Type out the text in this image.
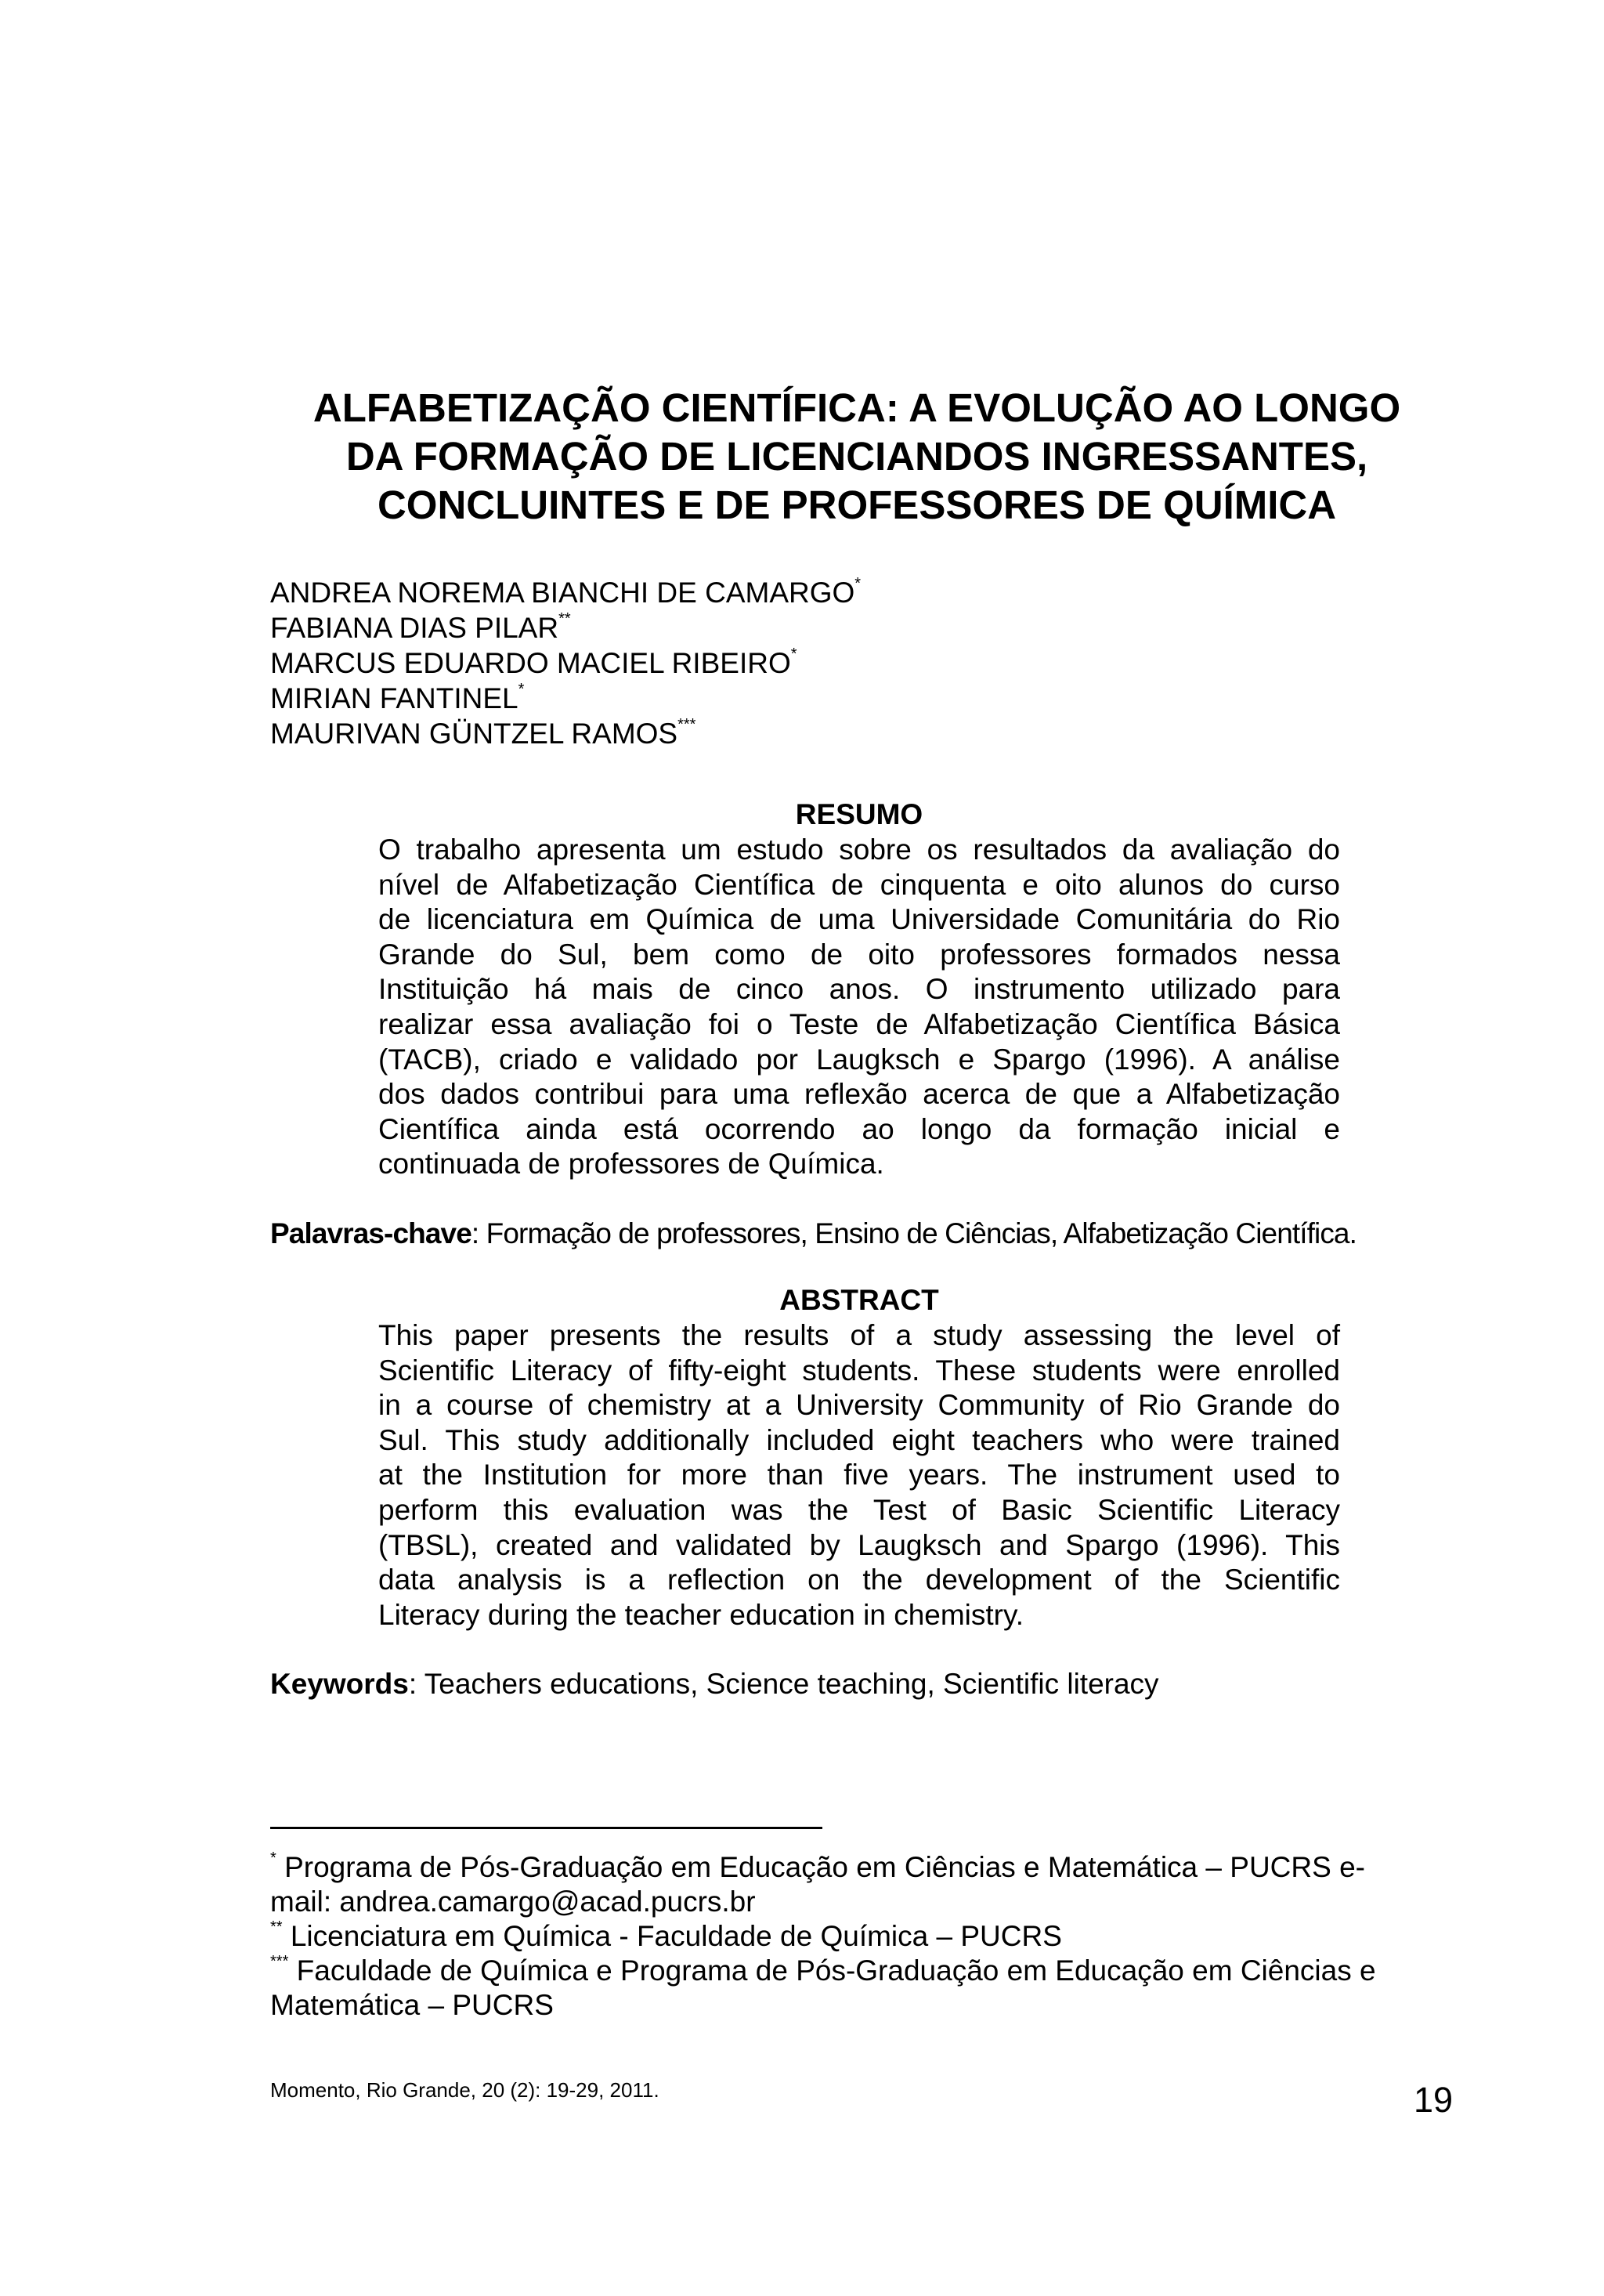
ALFABETIZAÇÃO CIENTÍFICA: A EVOLUÇÃO AO LONGO
DA FORMAÇÃO DE LICENCIANDOS INGRESSANTES,
CONCLUINTES E DE PROFESSORES DE QUÍMICA
ANDREA NOREMA BIANCHI DE CAMARGO*
FABIANA DIAS PILAR**
MARCUS EDUARDO MACIEL RIBEIRO*
MIRIAN FANTINEL*
MAURIVAN GÜNTZEL RAMOS***
RESUMO
O trabalho apresenta um estudo sobre os resultados da avaliação do
nível de Alfabetização Científica de cinquenta e oito alunos do curso
de licenciatura em Química de uma Universidade Comunitária do Rio
Grande do Sul, bem como de oito professores formados nessa
Instituição há mais de cinco anos. O instrumento utilizado para
realizar essa avaliação foi o Teste de Alfabetização Científica Básica
(TACB), criado e validado por Laugksch e Spargo (1996). A análise
dos dados contribui para uma reflexão acerca de que a Alfabetização
Científica ainda está ocorrendo ao longo da formação inicial e
continuada de professores de Química.

Palavras-chave: Formação de professores, Ensino de Ciências, Alfabetização Científica.

ABSTRACT
This paper presents the results of a study assessing the level of
Scientific Literacy of fifty-eight students. These students were enrolled
in a course of chemistry at a University Community of Rio Grande do
Sul. This study additionally included eight teachers who were trained
at the Institution for more than five years. The instrument used to
perform this evaluation was the Test of Basic Scientific Literacy
(TBSL), created and validated by Laugksch and Spargo (1996). This
data analysis is a reflection on the development of the Scientific
Literacy during the teacher education in chemistry.

Keywords: Teachers educations, Science teaching, Scientific literacy

* Programa de Pós-Graduação em Educação em Ciências e Matemática – PUCRS e-
mail: andrea.camargo@acad.pucrs.br
** Licenciatura em Química - Faculdade de Química – PUCRS
*** Faculdade de Química e Programa de Pós-Graduação em Educação em Ciências e
Matemática – PUCRS
Momento, Rio Grande, 20 (2): 19-29, 2011.	19
